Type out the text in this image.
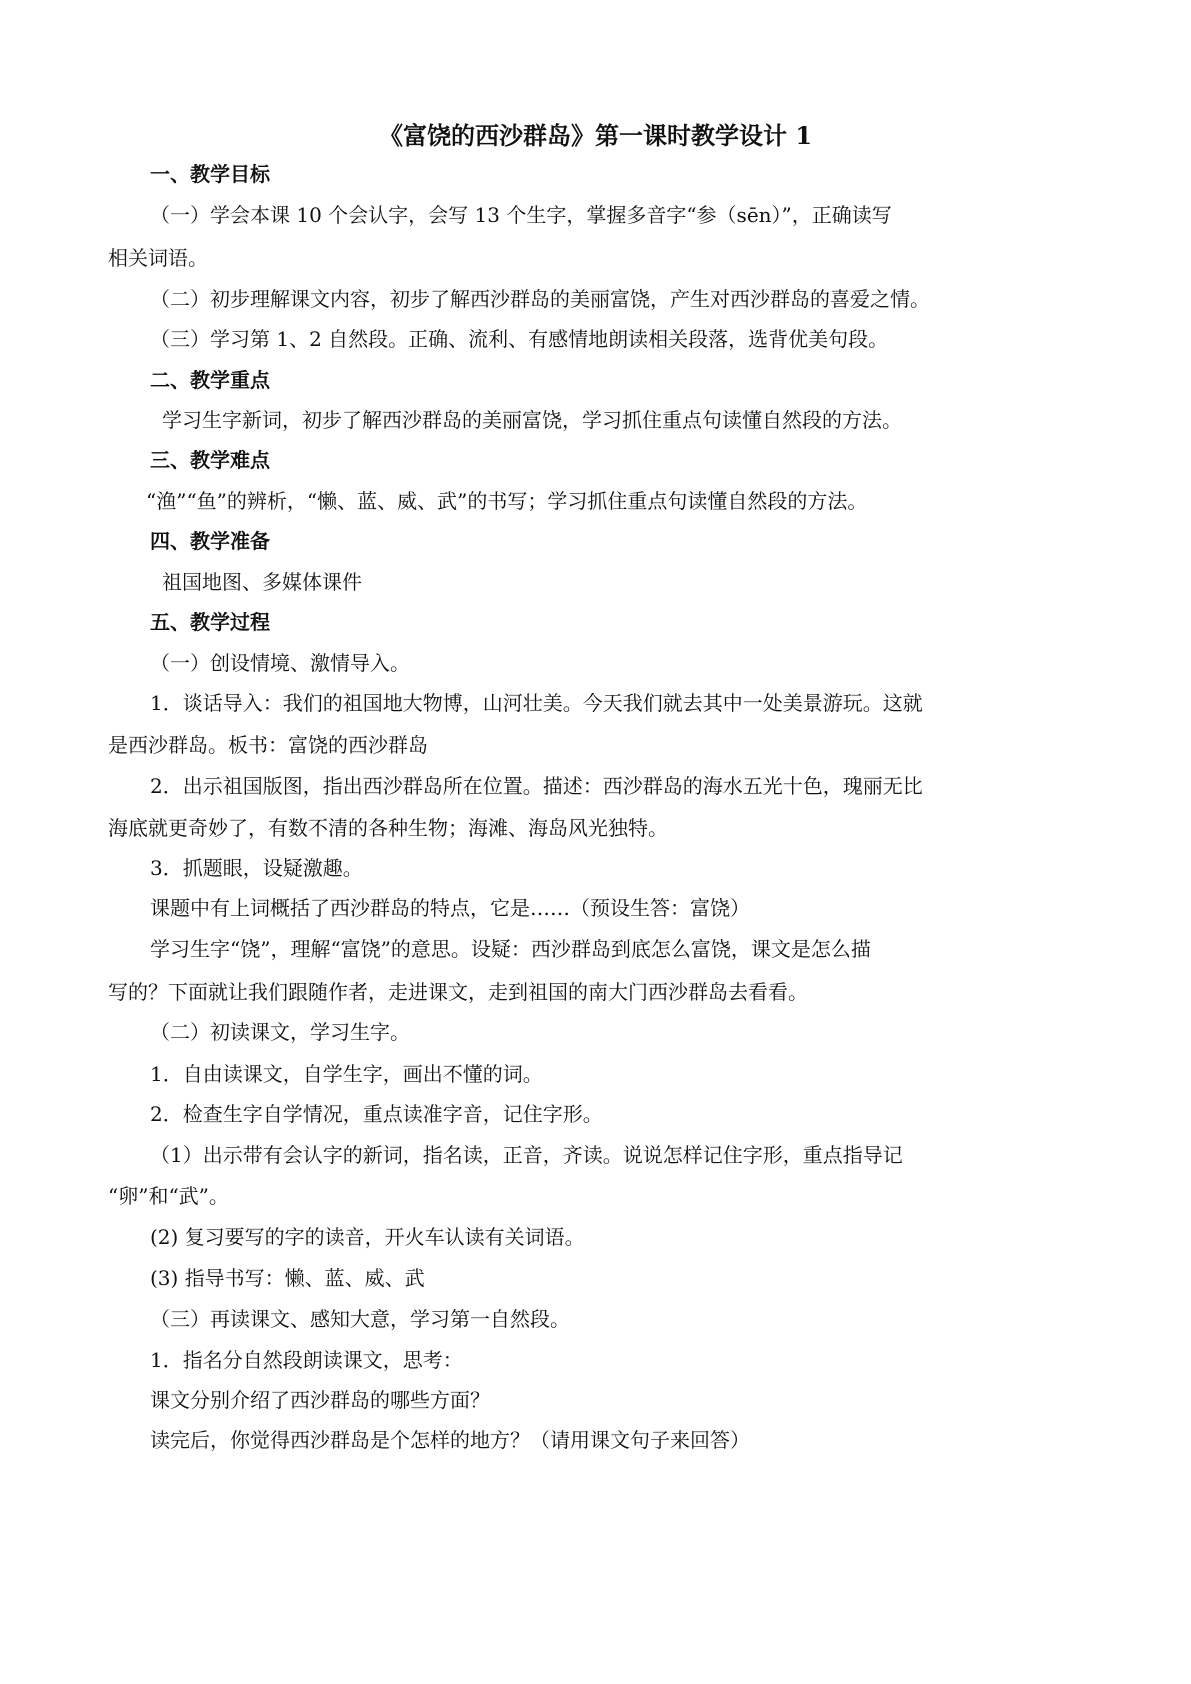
《富饶的西沙群岛》第一课时教学设计 1
一、教学目标
（一）学会本课 10 个会认字，会写 13 个生字，掌握多音字“参（sēn）”，正确读写
相关词语。
（二）初步理解课文内容，初步了解西沙群岛的美丽富饶，产生对西沙群岛的喜爱之情。
（三）学习第 1、2 自然段。正确、流利、有感情地朗读相关段落，选背优美句段。
二、教学重点
学习生字新词，初步了解西沙群岛的美丽富饶，学习抓住重点句读懂自然段的方法。
三、教学难点
“渔”“鱼”的辨析，“懒、蓝、威、武”的书写；学习抓住重点句读懂自然段的方法。
四、教学准备
祖国地图、多媒体课件
五、教学过程
（一）创设情境、激情导入。
1．谈话导入：我们的祖国地大物博，山河壮美。今天我们就去其中一处美景游玩。这就
是西沙群岛。板书：富饶的西沙群岛
2．出示祖国版图，指出西沙群岛所在位置。描述：西沙群岛的海水五光十色，瑰丽无比
海底就更奇妙了，有数不清的各种生物；海滩、海岛风光独特。
3．抓题眼，设疑激趣。
课题中有上词概括了西沙群岛的特点，它是……（预设生答：富饶）
学习生字“饶”，理解“富饶”的意思。设疑：西沙群岛到底怎么富饶，课文是怎么描
写的？下面就让我们跟随作者，走进课文，走到祖国的南大门西沙群岛去看看。
（二）初读课文，学习生字。
1．自由读课文，自学生字，画出不懂的词。
2．检查生字自学情况，重点读准字音，记住字形。
（1）出示带有会认字的新词，指名读，正音，齐读。说说怎样记住字形，重点指导记
“卵”和“武”。
(2) 复习要写的字的读音，开火车认读有关词语。
(3) 指导书写：懒、蓝、威、武
（三）再读课文、感知大意，学习第一自然段。
1．指名分自然段朗读课文，思考：
课文分别介绍了西沙群岛的哪些方面？
读完后，你觉得西沙群岛是个怎样的地方？（请用课文句子来回答）
